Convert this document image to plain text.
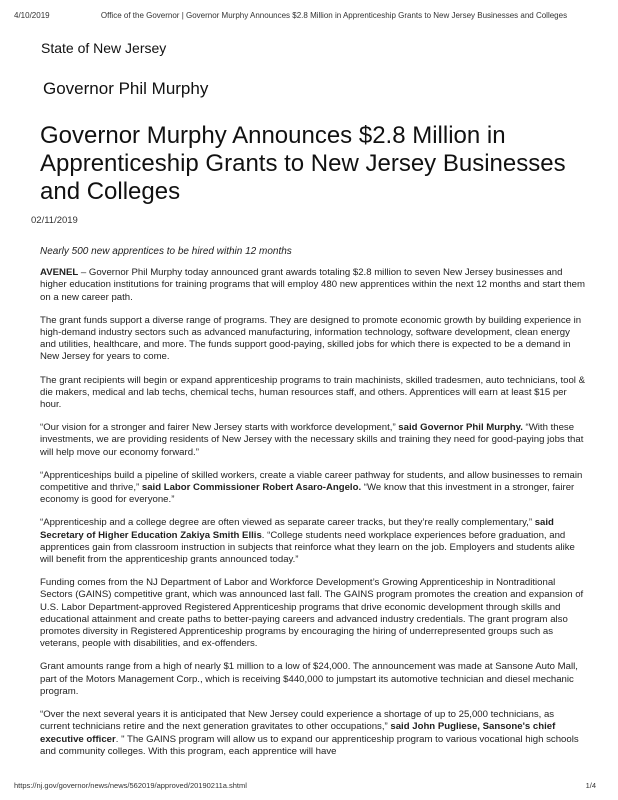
4/10/2019	Office of the Governor | Governor Murphy Announces $2.8 Million in Apprenticeship Grants to New Jersey Businesses and Colleges
State of New Jersey
Governor Phil Murphy
Governor Murphy Announces $2.8 Million in Apprenticeship Grants to New Jersey Businesses and Colleges
02/11/2019

Nearly 500 new apprentices to be hired within 12 months

AVENEL – Governor Phil Murphy today announced grant awards totaling $2.8 million to seven New Jersey businesses and higher education institutions for training programs that will employ 480 new apprentices within the next 12 months and start them on a new career path.

The grant funds support a diverse range of programs. They are designed to promote economic growth by building experience in high-demand industry sectors such as advanced manufacturing, information technology, software development, clean energy and utilities, healthcare, and more. The funds support good-paying, skilled jobs for which there is expected to be a demand in New Jersey for years to come.

The grant recipients will begin or expand apprenticeship programs to train machinists, skilled tradesmen, auto technicians, tool & die makers, medical and lab techs, chemical techs, human resources staff, and others. Apprentices will earn at least $15 per hour.

“Our vision for a stronger and fairer New Jersey starts with workforce development,” said Governor Phil Murphy. “With these investments, we are providing residents of New Jersey with the necessary skills and training they need for good-paying jobs that will help move our economy forward.”

“Apprenticeships build a pipeline of skilled workers, create a viable career pathway for students, and allow businesses to remain competitive and thrive,” said Labor Commissioner Robert Asaro-Angelo. “We know that this investment in a stronger, fairer economy is good for everyone.”

“Apprenticeship and a college degree are often viewed as separate career tracks, but they’re really complementary,” said Secretary of Higher Education Zakiya Smith Ellis. “College students need workplace experiences before graduation, and apprentices gain from classroom instruction in subjects that reinforce what they learn on the job. Employers and students alike will benefit from the apprenticeship grants announced today.”

Funding comes from the NJ Department of Labor and Workforce Development’s Growing Apprenticeship in Nontraditional Sectors (GAINS) competitive grant, which was announced last fall. The GAINS program promotes the creation and expansion of U.S. Labor Department-approved Registered Apprenticeship programs that drive economic development through skills and educational attainment and create paths to better-paying careers and advanced industry credentials. The grant program also promotes diversity in Registered Apprenticeship programs by encouraging the hiring of underrepresented groups such as veterans, people with disabilities, and ex-offenders.

Grant amounts range from a high of nearly $1 million to a low of $24,000. The announcement was made at Sansone Auto Mall, part of the Motors Management Corp., which is receiving $440,000 to jumpstart its automotive technician and diesel mechanic program.

“Over the next several years it is anticipated that New Jersey could experience a shortage of up to 25,000 technicians, as current technicians retire and the next generation gravitates to other occupations,” said John Pugliese, Sansone's chief executive officer. " The GAINS program will allow us to expand our apprenticeship program to various vocational high schools and community colleges. With this program, each apprentice will have

https://nj.gov/governor/news/news/562019/approved/20190211a.shtml	1/4
